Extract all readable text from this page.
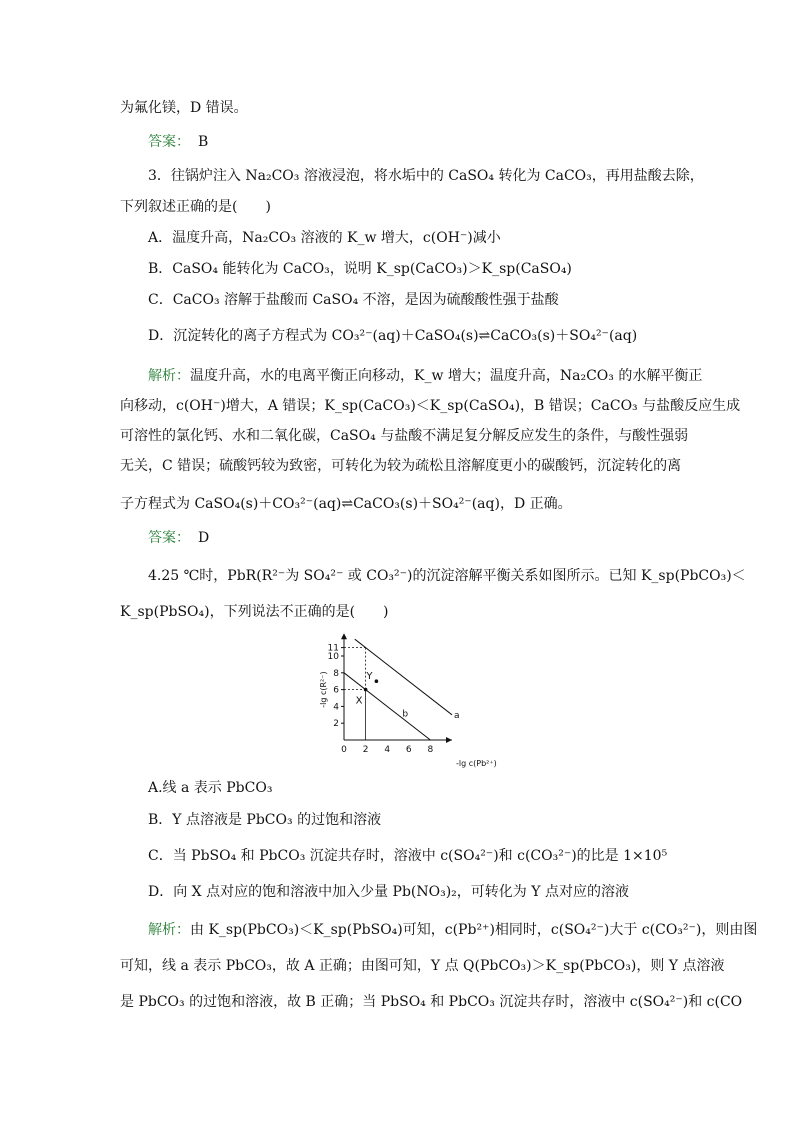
为氟化镁，D 错误。
答案： B
3．往锅炉注入 Na₂CO₃ 溶液浸泡，将水垢中的 CaSO₄ 转化为 CaCO₃，再用盐酸去除，
下列叙述正确的是(　　)
A．温度升高，Na₂CO₃ 溶液的 K_w 增大，c(OH⁻)减小
B．CaSO₄ 能转化为 CaCO₃，说明 K_sp(CaCO₃)＞K_sp(CaSO₄)
C．CaCO₃ 溶解于盐酸而 CaSO₄ 不溶，是因为硫酸酸性强于盐酸
D．沉淀转化的离子方程式为 CO₃²⁻(aq)＋CaSO₄(s)⇌CaCO₃(s)＋SO₄²⁻(aq)
解析：温度升高，水的电离平衡正向移动，K_w 增大；温度升高，Na₂CO₃ 的水解平衡正
向移动，c(OH⁻)增大，A 错误；K_sp(CaCO₃)＜K_sp(CaSO₄)，B 错误；CaCO₃ 与盐酸反应生成
可溶性的氯化钙、水和二氧化碳，CaSO₄ 与盐酸不满足复分解反应发生的条件，与酸性强弱
无关，C 错误；硫酸钙较为致密，可转化为较为疏松且溶解度更小的碳酸钙，沉淀转化的离
子方程式为 CaSO₄(s)＋CO₃²⁻(aq)⇌CaCO₃(s)＋SO₄²⁻(aq)，D 正确。
答案： D
4.25 ℃时，PbR(R²⁻为 SO₄²⁻ 或 CO₃²⁻)的沉淀溶解平衡关系如图所示。已知 K_sp(PbCO₃)＜
K_sp(PbSO₄)，下列说法不正确的是(　　)
0 2 4 6 8
2
4
6
8
10
11
a
b
X
Y
-lg c(Pb²⁺)
-lg c(R²⁻)
A.线 a 表示 PbCO₃
B．Y 点溶液是 PbCO₃ 的过饱和溶液
C．当 PbSO₄ 和 PbCO₃ 沉淀共存时，溶液中 c(SO₄²⁻)和 c(CO₃²⁻)的比是 1×10⁵
D．向 X 点对应的饱和溶液中加入少量 Pb(NO₃)₂，可转化为 Y 点对应的溶液
解析：由 K_sp(PbCO₃)＜K_sp(PbSO₄)可知，c(Pb²⁺)相同时，c(SO₄²⁻)大于 c(CO₃²⁻)，则由图
可知，线 a 表示 PbCO₃，故 A 正确；由图可知，Y 点 Q(PbCO₃)＞K_sp(PbCO₃)，则 Y 点溶液
是 PbCO₃ 的过饱和溶液，故 B 正确；当 PbSO₄ 和 PbCO₃ 沉淀共存时，溶液中 c(SO₄²⁻)和 c(CO
